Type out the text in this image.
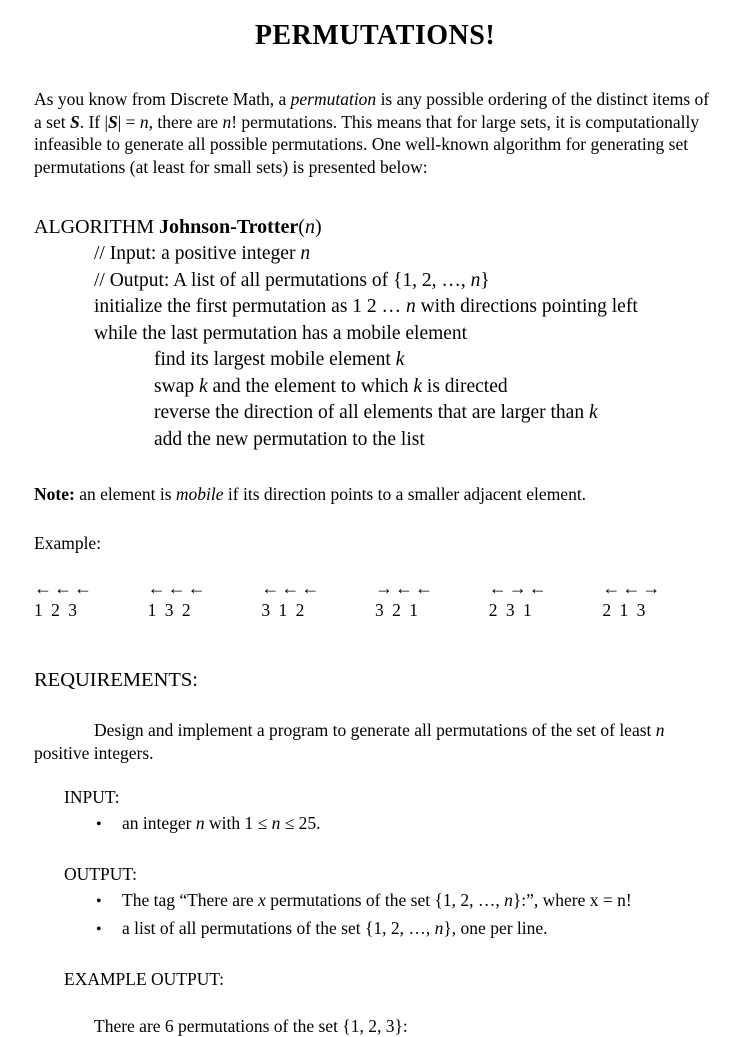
PERMUTATIONS!

As you know from Discrete Math, a permutation is any possible ordering of the distinct items of a set S. If |S| = n, there are n! permutations. This means that for large sets, it is computationally infeasible to generate all possible permutations. One well-known algorithm for generating set permutations (at least for small sets) is presented below:

ALGORITHM Johnson-Trotter(n)
// Input: a positive integer n
// Output: A list of all permutations of {1, 2, …, n}
initialize the first permutation as 1 2 … n with directions pointing left
while the last permutation has a mobile element
find its largest mobile element k
swap k and the element to which k is directed
reverse the direction of all elements that are larger than k
add the new permutation to the list

Note: an element is mobile if its direction points to a smaller adjacent element.

Example:

←←←
1 2 3
←←←
1 3 2
←←←
3 1 2
→←←
3 2 1
←→←
2 3 1
←←→
2 1 3
REQUIREMENTS:

Design and implement a program to generate all permutations of the set of least n positive integers.

INPUT:
•	an integer n with 1 ≤ n ≤ 25.
OUTPUT:
•	The tag “There are x permutations of the set {1, 2, …, n}:”, where x = n!
•	a list of all permutations of the set {1, 2, …, n}, one per line.
EXAMPLE OUTPUT:

There are 6 permutations of the set {1, 2, 3}:
